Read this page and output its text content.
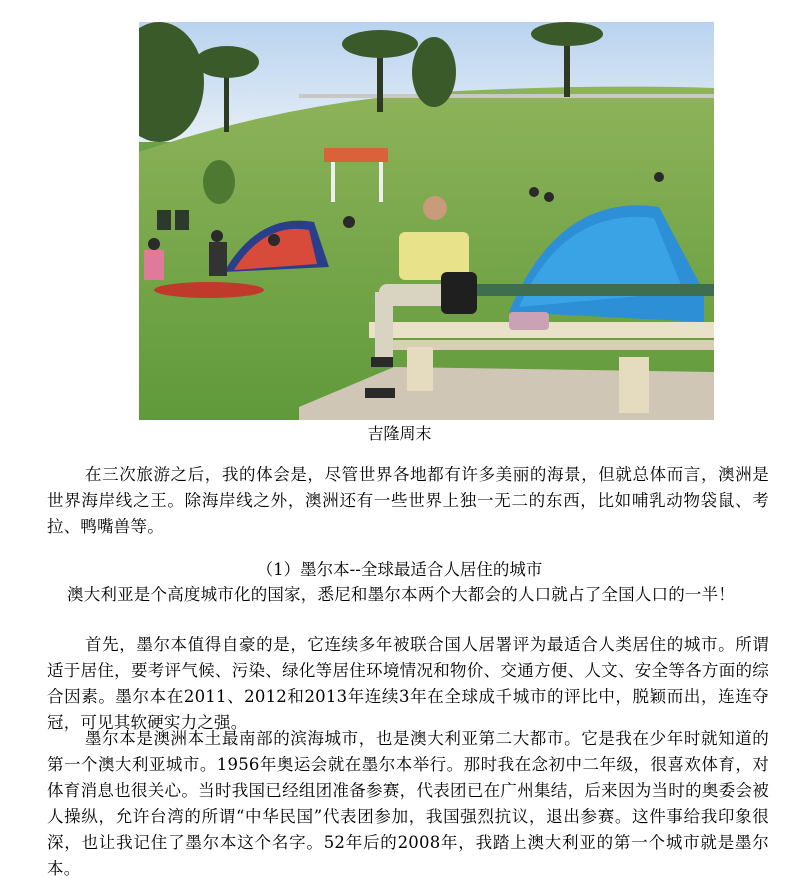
吉隆周末
在三次旅游之后，我的体会是，尽管世界各地都有许多美丽的海景，但就总体而言，澳洲是世界海岸线之王。除海岸线之外，澳洲还有一些世界上独一无二的东西，比如哺乳动物袋鼠、考拉、鸭嘴兽等。
（1）墨尔本--全球最适合人居住的城市
澳大利亚是个高度城市化的国家，悉尼和墨尔本两个大都会的人口就占了全国人口的一半！
首先，墨尔本值得自豪的是，它连续多年被联合国人居署评为最适合人类居住的城市。所谓适于居住，要考评气候、污染、绿化等居住环境情况和物价、交通方便、人文、安全等各方面的综合因素。墨尔本在2011、2012和2013年连续3年在全球成千城市的评比中，脱颖而出，连连夺冠，可见其软硬实力之强。
墨尔本是澳洲本土最南部的滨海城市，也是澳大利亚第二大都市。它是我在少年时就知道的第一个澳大利亚城市。1956年奥运会就在墨尔本举行。那时我在念初中二年级，很喜欢体育，对体育消息也很关心。当时我国已经组团准备参赛，代表团已在广州集结，后来因为当时的奥委会被人操纵，允许台湾的所谓“中华民国”代表团参加，我国强烈抗议，退出参赛。这件事给我印象很深，也让我记住了墨尔本这个名字。52年后的2008年，我踏上澳大利亚的第一个城市就是墨尔本。
